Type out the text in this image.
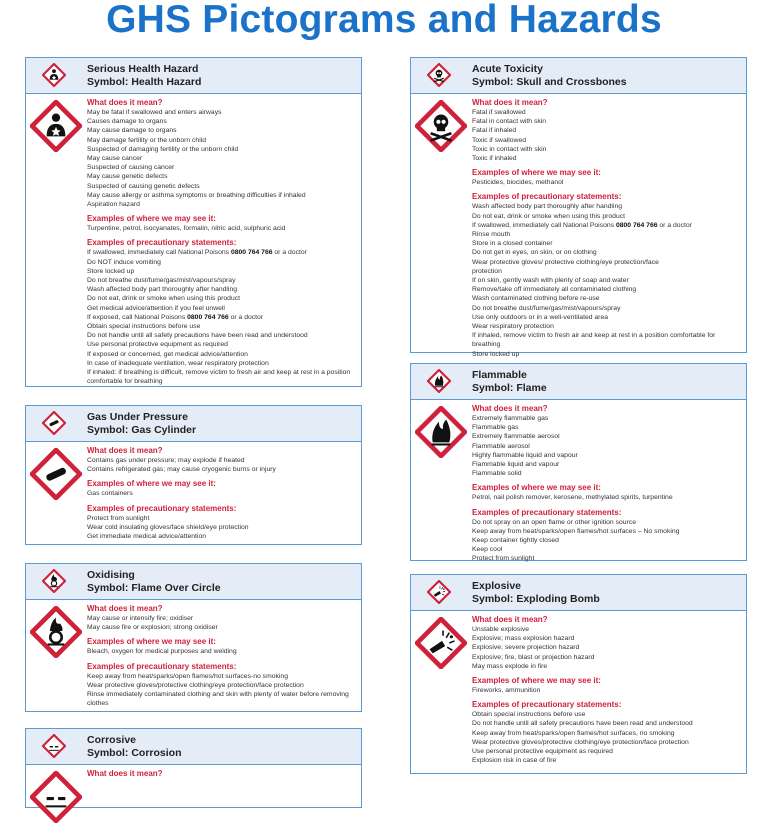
GHS Pictograms and Hazards
Serious Health Hazard
Symbol: Health Hazard
What does it mean?
May be fatal if swallowed and enters airways
Causes damage to organs
May cause damage to organs
May damage fertility or the unborn child
Suspected of damaging fertility or the unborn child
May cause cancer
Suspected of causing cancer
May cause genetic defects
Suspected of causing genetic defects
May cause allergy or asthma symptoms or breathing difficulties if inhaled
Aspiration hazard
Examples of where we may see it:
Turpentine, petrol, isocyanates, formalin, nitric acid, sulphuric acid
Examples of precautionary statements:
If swallowed, immediately call National Poisons 0800 764 766 or a doctor
Do NOT induce vomiting
Store locked up
Do not breathe dust/fume/gas/mist/vapours/spray
Wash affected body part thoroughly after handling
Do not eat, drink or smoke when using this product
Get medical advice/attention if you feel unwell
If exposed, call National Poisons 0800 764 766 or a doctor
Obtain special instructions before use
Do not handle until all safety precautions have been read and understood
Use personal protective equipment as required
If exposed or concerned, get medical advice/attention
In case of inadequate ventilation, wear respiratory protection
If inhaled: if breathing is difficult, remove victim to fresh air and keep at rest in a position comfortable for breathing
Gas Under Pressure
Symbol: Gas Cylinder
What does it mean?
Contains gas under pressure; may explode if heated
Contains refrigerated gas; may cause cryogenic burns or injury
Examples of where we may see it:
Gas containers
Examples of precautionary statements:
Protect from sunlight
Wear cold insulating gloves/face shield/eye protection
Get immediate medical advice/attention
Oxidising
Symbol: Flame Over Circle
What does it mean?
May cause or intensify fire; oxidiser
May cause fire or explosion; strong oxidiser
Examples of where we may see it:
Bleach, oxygen for medical purposes and welding
Examples of precautionary statements:
Keep away from heat/sparks/open flames/hot surfaces-no smoking
Wear protective gloves/protective clothing/eye protection/face protection
Rinse immediately contaminated clothing and skin with plenty of water before removing clothes
Corrosive
Symbol: Corrosion
What does it mean?
Acute Toxicity
Symbol: Skull and Crossbones
What does it mean?
Fatal if swallowed
Fatal in contact with skin
Fatal if inhaled
Toxic if swallowed
Toxic in contact with skin
Toxic if inhaled
Examples of where we may see it:
Pesticides, biocides, methanol
Examples of precautionary statements:
Wash affected body part thoroughly after handling
Do not eat, drink or smoke when using this product
If swallowed, immediately call National Poisons 0800 764 766 or a doctor
Rinse mouth
Store in a closed container
Do not get in eyes, on skin, or on clothing
Wear protective gloves/ protective clothing/eye protection/face
protection
If on skin, gently wash with plenty of soap and water
Remove/take off immediately all contaminated clothing
Wash contaminated clothing before re-use
Do not breathe dust/fume/gas/mist/vapours/spray
Use only outdoors or in a well-ventilated area
Wear respiratory protection
If inhaled, remove victim to fresh air and keep at rest in a position comfortable for breathing
Store locked up
Flammable
Symbol: Flame
What does it mean?
Extremely flammable gas
Flammable gas
Extremely flammable aerosol
Flammable aerosol
Highly flammable liquid and vapour
Flammable liquid and vapour
Flammable solid
Examples of where we may see it:
Petrol, nail polish remover, kerosene, methylated spirits, turpentine
Examples of precautionary statements:
Do not spray on an open flame or other ignition source
Keep away from heat/sparks/open flames/hot surfaces – No smoking
Keep container tightly closed
Keep cool
Protect from sunlight
Explosive
Symbol: Exploding Bomb
What does it mean?
Unstable explosive
Explosive; mass explosion hazard
Explosive; severe projection hazard
Explosive; fire, blast or projection hazard
May mass explode in fire
Examples of where we may see it:
Fireworks, ammunition
Examples of precautionary statements:
Obtain special instructions before use
Do not handle until all safety precautions have been read and understood
Keep away from heat/sparks/open flames/hot surfaces, no smoking
Wear protective gloves/protective clothing/eye protection/face protection
Use personal protective equipment as required
Explosion risk in case of fire
